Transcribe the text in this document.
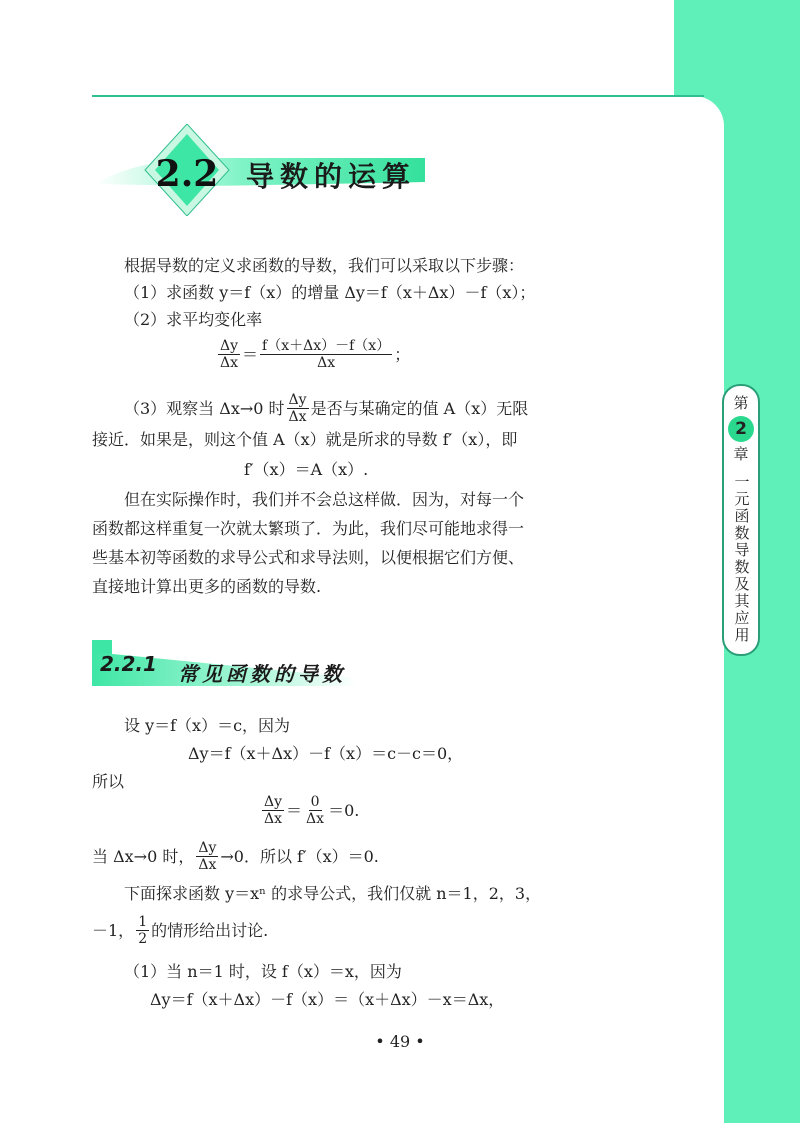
第
2
章
一元函数导数及其应用
2.2 导数的运算
根据导数的定义求函数的导数，我们可以采取以下步骤：
（1）求函数 y＝f（x）的增量 Δy＝f（x＋Δx）－f（x）；
（2）求平均变化率
$\frac{\Delta y}{\Delta x} = \frac{f(x+\Delta x)-f(x)}{\Delta x}$ ；
（3）观察当 Δx→0 时 $\frac{\Delta y}{\Delta x}$ 是否与某确定的值 A（x）无限
接近．如果是，则这个值 A（x）就是所求的导数 f′（x），即
f′（x）＝A（x）.
但在实际操作时，我们并不会总这样做．因为，对每一个
函数都这样重复一次就太繁琐了．为此，我们尽可能地求得一
些基本初等函数的求导公式和求导法则，以便根据它们方便、
直接地计算出更多的函数的导数.
2.2.1 常见函数的导数
设 y＝f（x）＝c，因为
Δy＝f（x＋Δx）－f（x）＝c－c＝0，
所以
$\frac{\Delta y}{\Delta x} = \frac{0}{\Delta x} =0$.
当 Δx→0 时， $\frac{\Delta y}{\Delta x} \to 0$．所以 f′（x）＝0.
下面探求函数 y＝xⁿ 的求导公式，我们仅就 n＝1，2，3，
－1， $\frac{1}{2}$ 的情形给出讨论.
（1）当 n＝1 时，设 f（x）＝x，因为
Δy＝f（x＋Δx）－f（x）＝（x＋Δx）－x＝Δx，
• 49 •
